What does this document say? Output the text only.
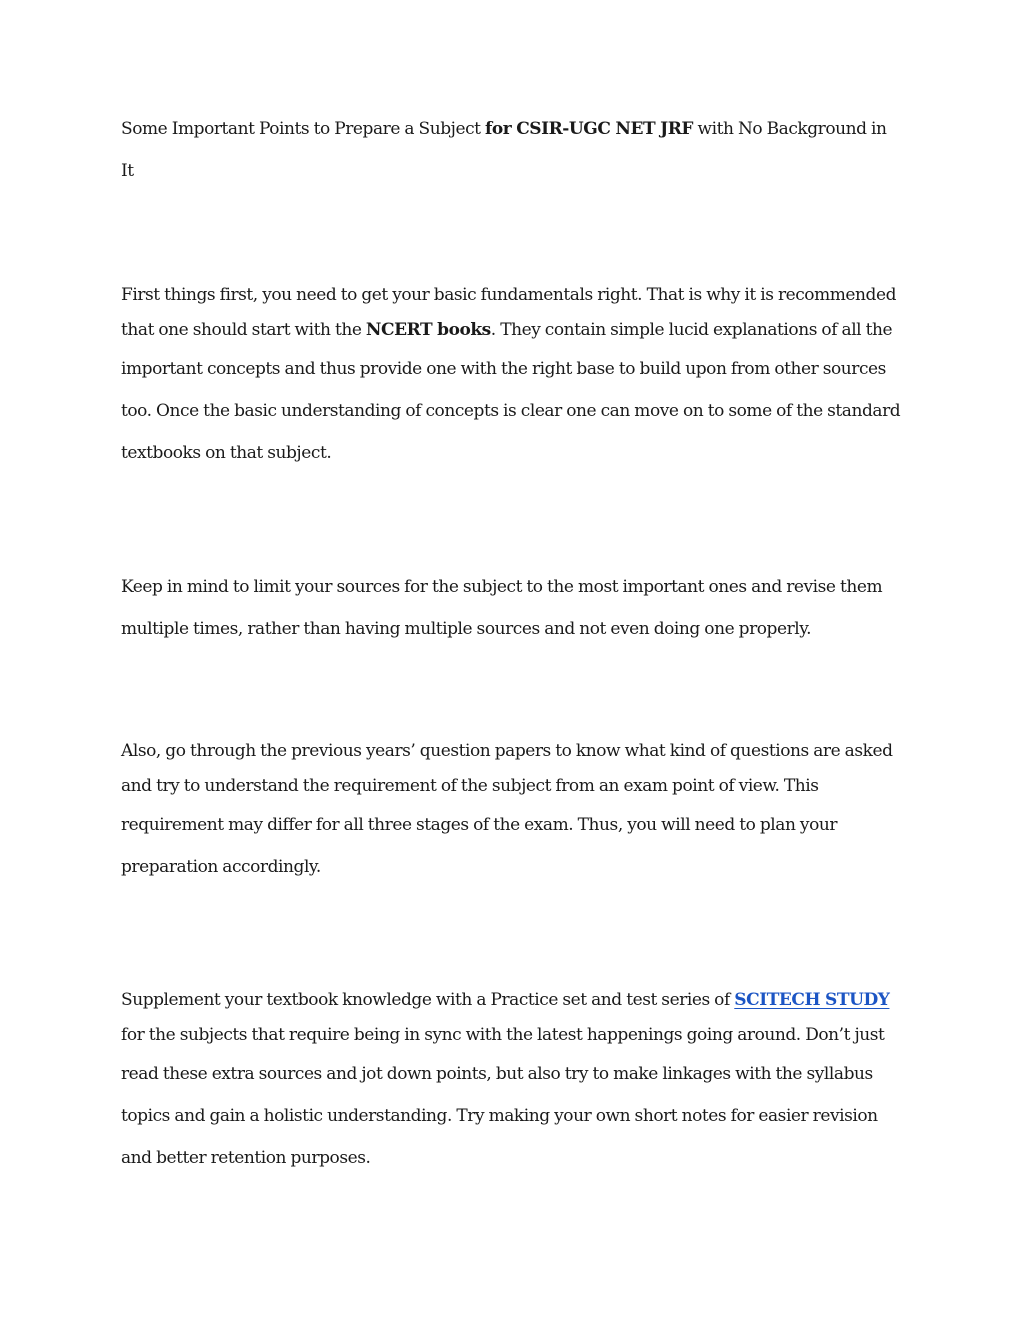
Some Important Points to Prepare a Subject for CSIR-UGC NET JRF with No Background in
It

First things first, you need to get your basic fundamentals right. That is why it is recommended
that one should start with the NCERT books. They contain simple lucid explanations of all the
important concepts and thus provide one with the right base to build upon from other sources
too. Once the basic understanding of concepts is clear one can move on to some of the standard
textbooks on that subject.

Keep in mind to limit your sources for the subject to the most important ones and revise them
multiple times, rather than having multiple sources and not even doing one properly.

Also, go through the previous years’ question papers to know what kind of questions are asked
and try to understand the requirement of the subject from an exam point of view. This
requirement may differ for all three stages of the exam. Thus, you will need to plan your
preparation accordingly.

Supplement your textbook knowledge with a Practice set and test series of SCITECH STUDY
for the subjects that require being in sync with the latest happenings going around. Don’t just
read these extra sources and jot down points, but also try to make linkages with the syllabus
topics and gain a holistic understanding. Try making your own short notes for easier revision
and better retention purposes.
